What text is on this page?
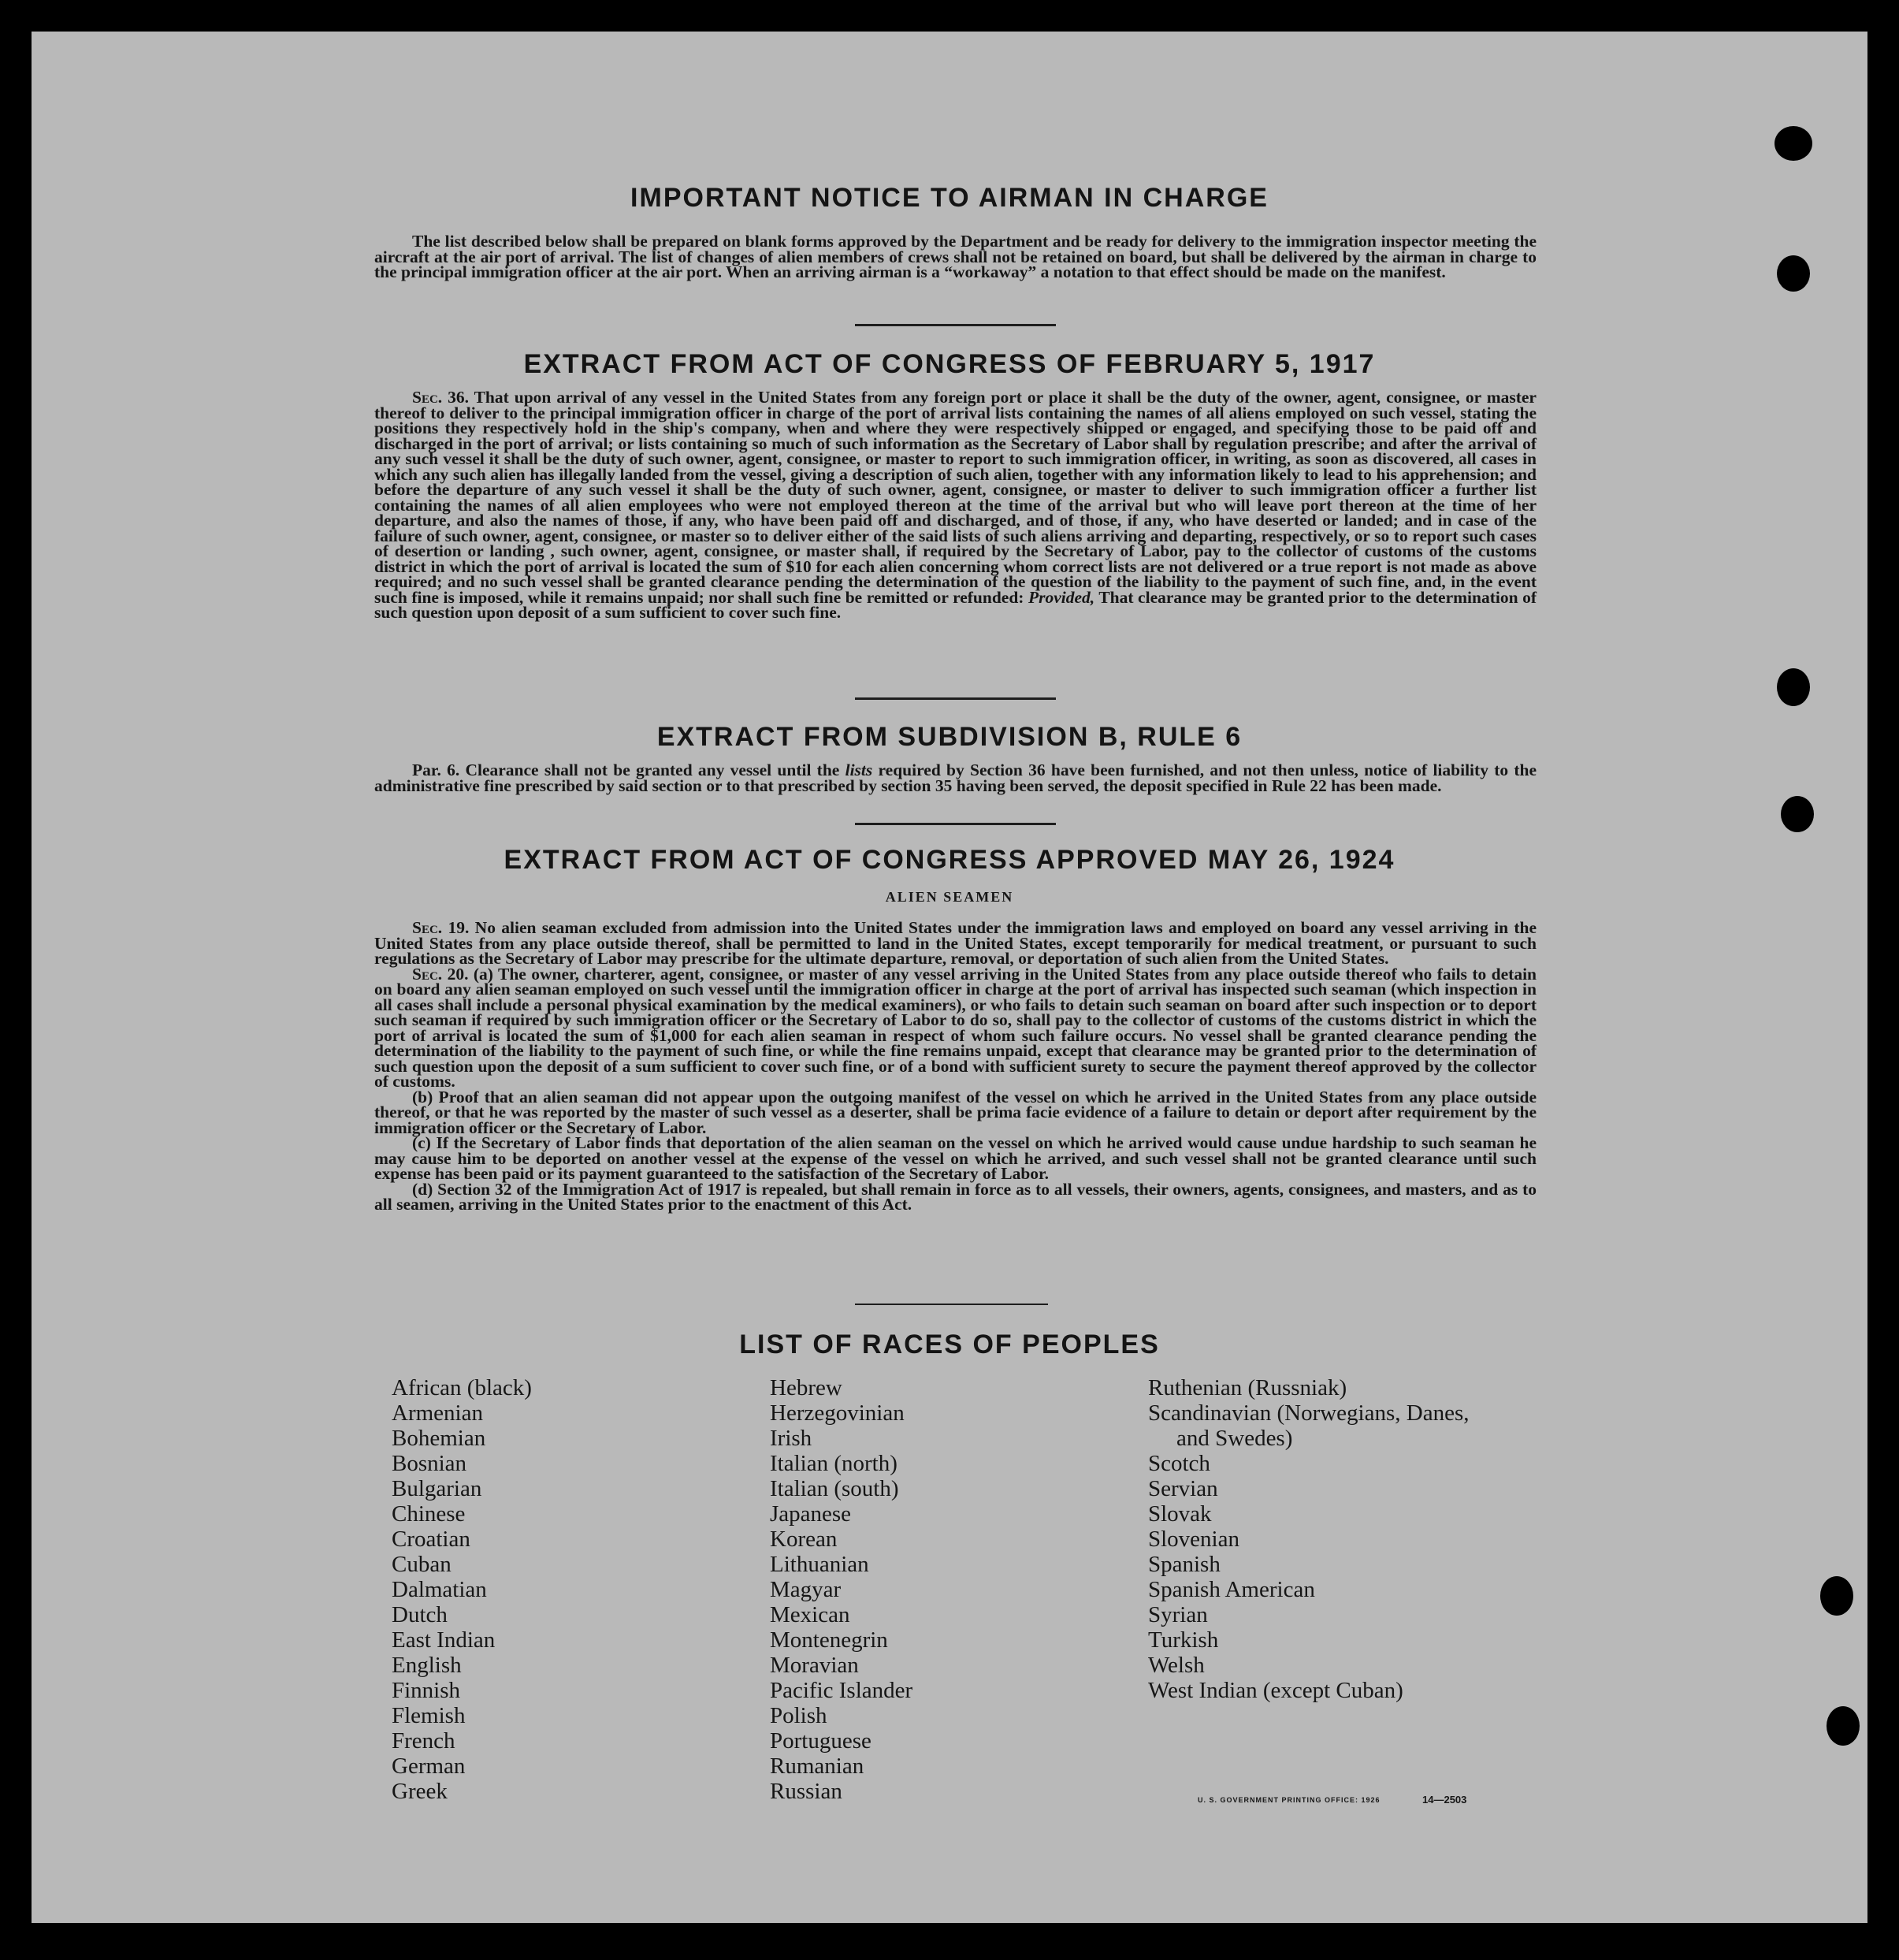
IMPORTANT NOTICE TO AIRMAN IN CHARGE

The list described below shall be prepared on blank forms approved by the Department and be ready for delivery to the immigration inspector meeting the aircraft at the air port of arrival. The list of changes of alien members of crews shall not be retained on board, but shall be delivered by the airman in charge to the principal immigration officer at the air port. When an arriving airman is a “workaway” a notation to that effect should be made on the manifest.

EXTRACT FROM ACT OF CONGRESS OF FEBRUARY 5, 1917

Sec. 36. That upon arrival of any vessel in the United States from any foreign port or place it shall be the duty of the owner, agent, consignee, or master thereof to deliver to the principal immigration officer in charge of the port of arrival lists containing the names of all aliens employed on such vessel, stating the positions they respectively hold in the ship's company, when and where they were respectively shipped or engaged, and specifying those to be paid off and discharged in the port of arrival; or lists containing so much of such information as the Secretary of Labor shall by regulation prescribe; and after the arrival of any such vessel it shall be the duty of such owner, agent, consignee, or master to report to such immigration officer, in writing, as soon as discovered, all cases in which any such alien has illegally landed from the vessel, giving a description of such alien, together with any information likely to lead to his apprehension; and before the departure of any such vessel it shall be the duty of such owner, agent, consignee, or master to deliver to such immigration officer a further list containing the names of all alien employees who were not employed thereon at the time of the arrival but who will leave port thereon at the time of her departure, and also the names of those, if any, who have been paid off and discharged, and of those, if any, who have deserted or landed; and in case of the failure of such owner, agent, consignee, or master so to deliver either of the said lists of such aliens arriving and departing, respectively, or so to report such cases of desertion or landing , such owner, agent, consignee, or master shall, if required by the Secretary of Labor, pay to the collector of customs of the customs district in which the port of arrival is located the sum of $10 for each alien concerning whom correct lists are not delivered or a true report is not made as above required; and no such vessel shall be granted clearance pending the determination of the question of the liability to the payment of such fine, and, in the event such fine is imposed, while it remains unpaid; nor shall such fine be remitted or refunded: Provided, That clearance may be granted prior to the determination of such question upon deposit of a sum sufficient to cover such fine.

EXTRACT FROM SUBDIVISION B, RULE 6

Par. 6. Clearance shall not be granted any vessel until the lists required by Section 36 have been furnished, and not then unless, notice of liability to the administrative fine prescribed by said section or to that prescribed by section 35 having been served, the deposit specified in Rule 22 has been made.

EXTRACT FROM ACT OF CONGRESS APPROVED MAY 26, 1924
ALIEN SEAMEN

Sec. 19. No alien seaman excluded from admission into the United States under the immigration laws and employed on board any vessel arriving in the United States from any place outside thereof, shall be permitted to land in the United States, except temporarily for medical treatment, or pursuant to such regulations as the Secretary of Labor may prescribe for the ultimate departure, removal, or deportation of such alien from the United States.

Sec. 20. (a) The owner, charterer, agent, consignee, or master of any vessel arriving in the United States from any place outside thereof who fails to detain on board any alien seaman employed on such vessel until the immigration officer in charge at the port of arrival has inspected such seaman (which inspection in all cases shall include a personal physical examination by the medical examiners), or who fails to detain such seaman on board after such inspection or to deport such seaman if required by such immigration officer or the Secretary of Labor to do so, shall pay to the collector of customs of the customs district in which the port of arrival is located the sum of $1,000 for each alien seaman in respect of whom such failure occurs. No vessel shall be granted clearance pending the determination of the liability to the payment of such fine, or while the fine remains unpaid, except that clearance may be granted prior to the determination of such question upon the deposit of a sum sufficient to cover such fine, or of a bond with sufficient surety to secure the payment thereof approved by the collector of customs.

(b) Proof that an alien seaman did not appear upon the outgoing manifest of the vessel on which he arrived in the United States from any place outside thereof, or that he was reported by the master of such vessel as a deserter, shall be prima facie evidence of a failure to detain or deport after requirement by the immigration officer or the Secretary of Labor.

(c) If the Secretary of Labor finds that deportation of the alien seaman on the vessel on which he arrived would cause undue hardship to such seaman he may cause him to be deported on another vessel at the expense of the vessel on which he arrived, and such vessel shall not be granted clearance until such expense has been paid or its payment guaranteed to the satisfaction of the Secretary of Labor.

(d) Section 32 of the Immigration Act of 1917 is repealed, but shall remain in force as to all vessels, their owners, agents, consignees, and masters, and as to all seamen, arriving in the United States prior to the enactment of this Act.

LIST OF RACES OF PEOPLES
African (black)
Armenian
Bohemian
Bosnian
Bulgarian
Chinese
Croatian
Cuban
Dalmatian
Dutch
East Indian
English
Finnish
Flemish
French
German
Greek
Hebrew
Herzegovinian
Irish
Italian (north)
Italian (south)
Japanese
Korean
Lithuanian
Magyar
Mexican
Montenegrin
Moravian
Pacific Islander
Polish
Portuguese
Rumanian
Russian
Ruthenian (Russniak)
Scandinavian (Norwegians, Danes,
and Swedes)
Scotch
Servian
Slovak
Slovenian
Spanish
Spanish American
Syrian
Turkish
Welsh
West Indian (except Cuban)
U. S. GOVERNMENT PRINTING OFFICE: 1926	14—2503
